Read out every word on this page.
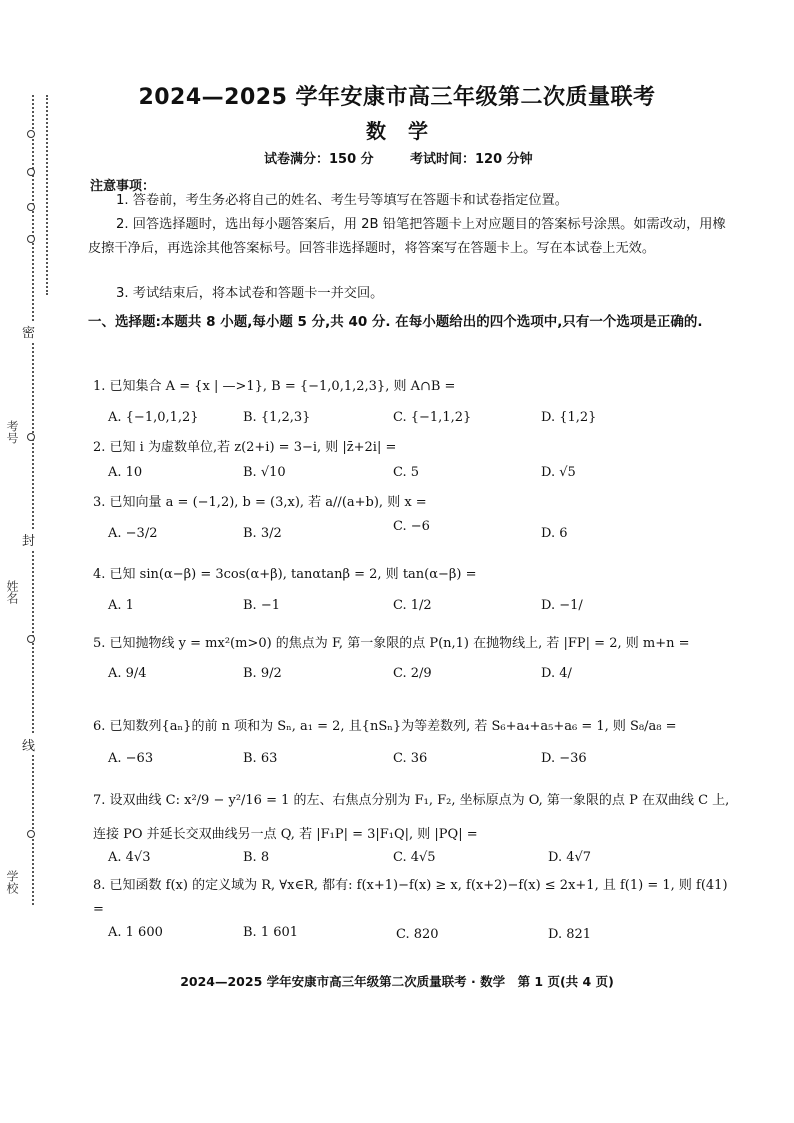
密
封
线
考号
姓名
学校
2024—2025 学年安康市高三年级第二次质量联考
数学
试卷满分：150 分	考试时间：120 分钟
注意事项：
1. 答卷前，考生务必将自己的姓名、考生号等填写在答题卡和试卷指定位置。
2. 回答选择题时，选出每小题答案后，用 2B 铅笔把答题卡上对应题目的答案标号涂黑。如需改动，用橡皮擦干净后，再选涂其他答案标号。回答非选择题时，将答案写在答题卡上。写在本试卷上无效。
3. 考试结束后，将本试卷和答题卡一并交回。
一、选择题:本题共 8 小题,每小题 5 分,共 40 分. 在每小题给出的四个选项中,只有一个选项是正确的.
1. 已知集合 A = {x | —>1}, B = {−1,0,1,2,3}, 则 A∩B =
A. {−1,0,1,2}	B. {1,2,3}	C. {−1,1,2}	D. {1,2}
2. 已知 i 为虚数单位,若 z(2+i) = 3−i, 则 |z̄+2i| =
A. 10	B. √10	C. 5	D. √5
3. 已知向量 a = (−1,2), b = (3,x), 若 a//(a+b), 则 x =
A. −3/2	B. 3/2	C. −6	D. 6
4. 已知 sin(α−β) = 3cos(α+β), tanαtanβ = 2, 则 tan(α−β) =
A. 1	B. −1	C. 1/2	D. −1/
5. 已知抛物线 y = mx²(m>0) 的焦点为 F, 第一象限的点 P(n,1) 在抛物线上, 若 |FP| = 2, 则 m+n =
A. 9/4	B. 9/2	C. 2/9	D. 4/
6. 已知数列{aₙ}的前 n 项和为 Sₙ, a₁ = 2, 且{nSₙ}为等差数列, 若 S₆+a₄+a₅+a₆ = 1, 则 S₈/a₈ =
A. −63	B. 63	C. 36	D. −36
7. 设双曲线 C: x²/9 − y²/16 = 1 的左、右焦点分别为 F₁, F₂, 坐标原点为 O, 第一象限的点 P 在双曲线 C 上, 连接 PO 并延长交双曲线另一点 Q, 若 |F₁P| = 3|F₁Q|, 则 |PQ| =
A. 4√3	B. 8	C. 4√5	D. 4√7
8. 已知函数 f(x) 的定义域为 R, ∀x∈R, 都有: f(x+1)−f(x) ≥ x, f(x+2)−f(x) ≤ 2x+1, 且 f(1) = 1, 则 f(41) =
A. 1 600	B. 1 601	C. 820	D. 821
2024—2025 学年安康市高三年级第二次质量联考 · 数学　第 1 页(共 4 页)
